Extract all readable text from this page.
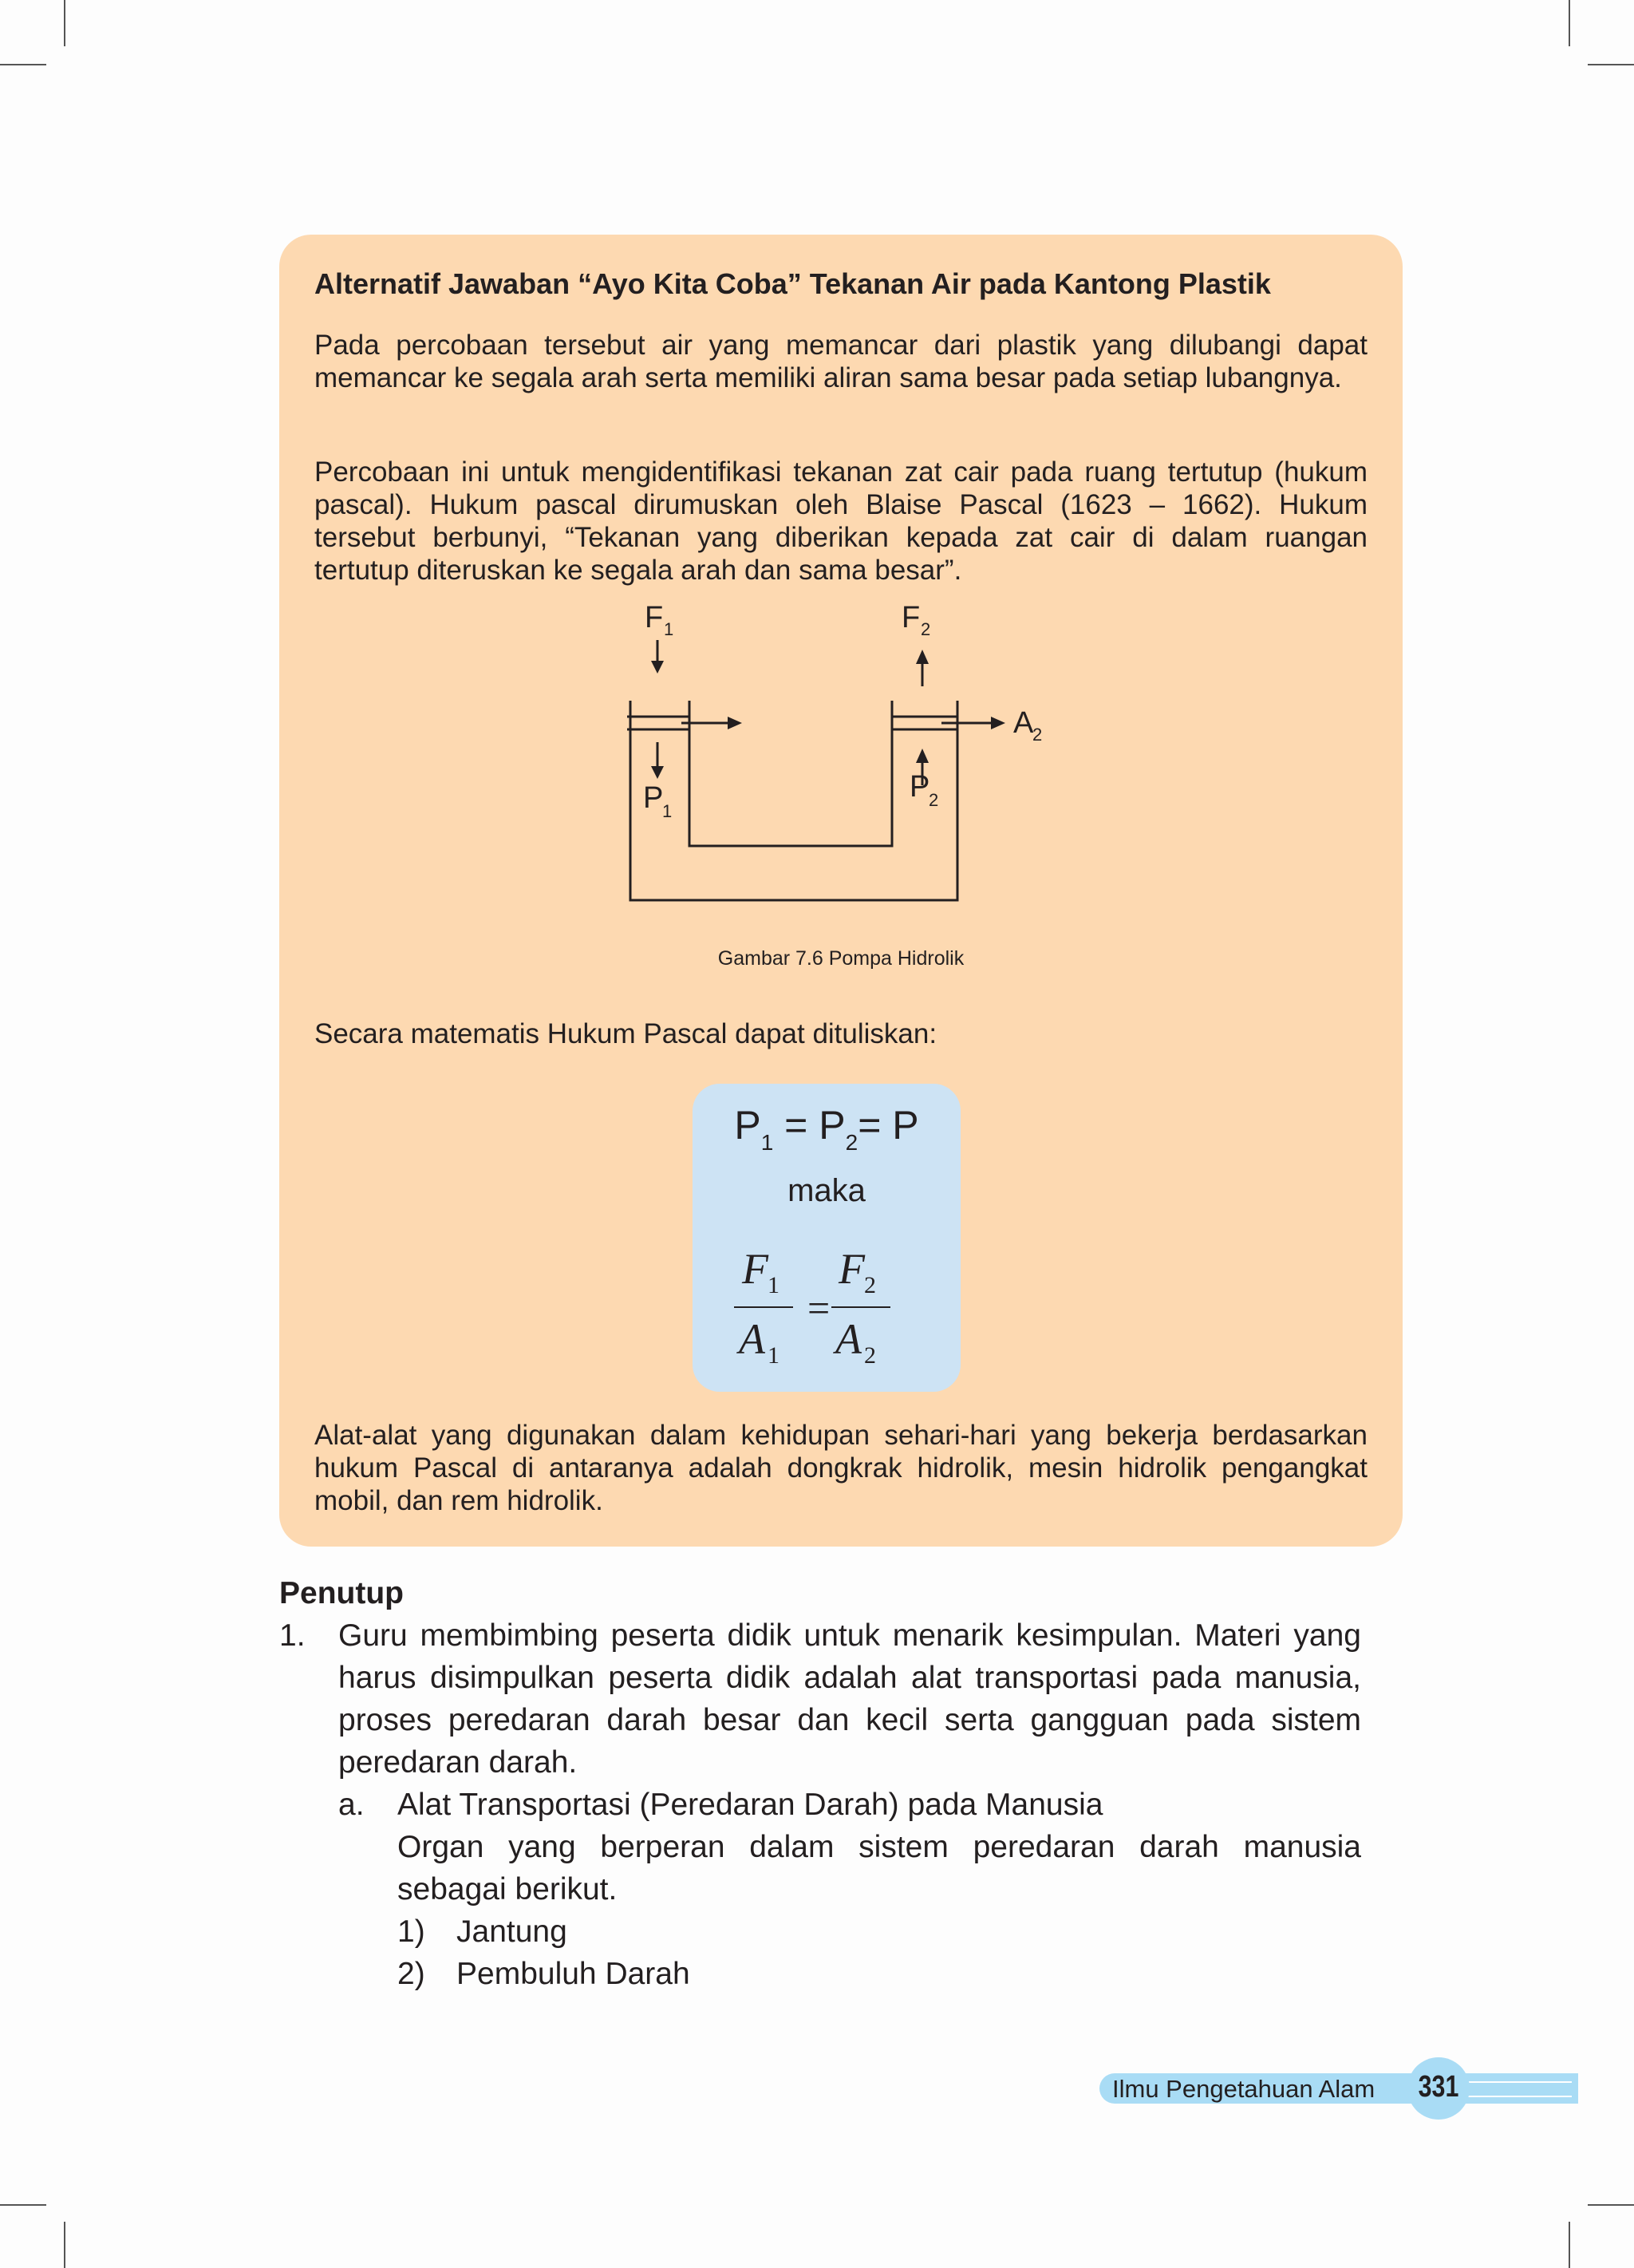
Alternatif Jawaban “Ayo Kita Coba” Tekanan Air pada Kantong Plastik
Pada percobaan tersebut air yang memancar dari plastik yang dilubangi dapat memancar ke segala arah serta memiliki aliran sama besar pada setiap lubangnya.
Percobaan ini untuk mengidentifikasi tekanan zat cair pada ruang tertutup (hukum pascal). Hukum pascal dirumuskan oleh Blaise Pascal (1623 – 1662). Hukum tersebut berbunyi, “Tekanan yang diberikan kepada zat cair di dalam ruangan tertutup diteruskan ke segala arah dan sama besar”.
F 1	F 2
A
2
P
1
P
2
Gambar 7.6 Pompa Hidrolik
Secara matematis Hukum Pascal dapat dituliskan:
$P_1 = P_2= P$
maka
F 1
A 1
F 2
A 2
=
Alat-alat yang digunakan dalam kehidupan sehari-hari yang bekerja berdasarkan hukum Pascal di antaranya adalah dongkrak hidrolik, mesin hidrolik pengangkat mobil, dan rem hidrolik.
Penutup
1. Guru membimbing peserta didik untuk menarik kesimpulan. Materi yang harus disimpulkan peserta didik adalah alat transportasi pada manusia, proses peredaran darah besar dan kecil serta gangguan pada sistem peredaran darah.
a. Alat Transportasi (Peredaran Darah) pada Manusia
Organ yang berperan dalam sistem peredaran darah manusia sebagai berikut.
1) Jantung
2) Pembuluh Darah
Ilmu Pengetahuan Alam 331
